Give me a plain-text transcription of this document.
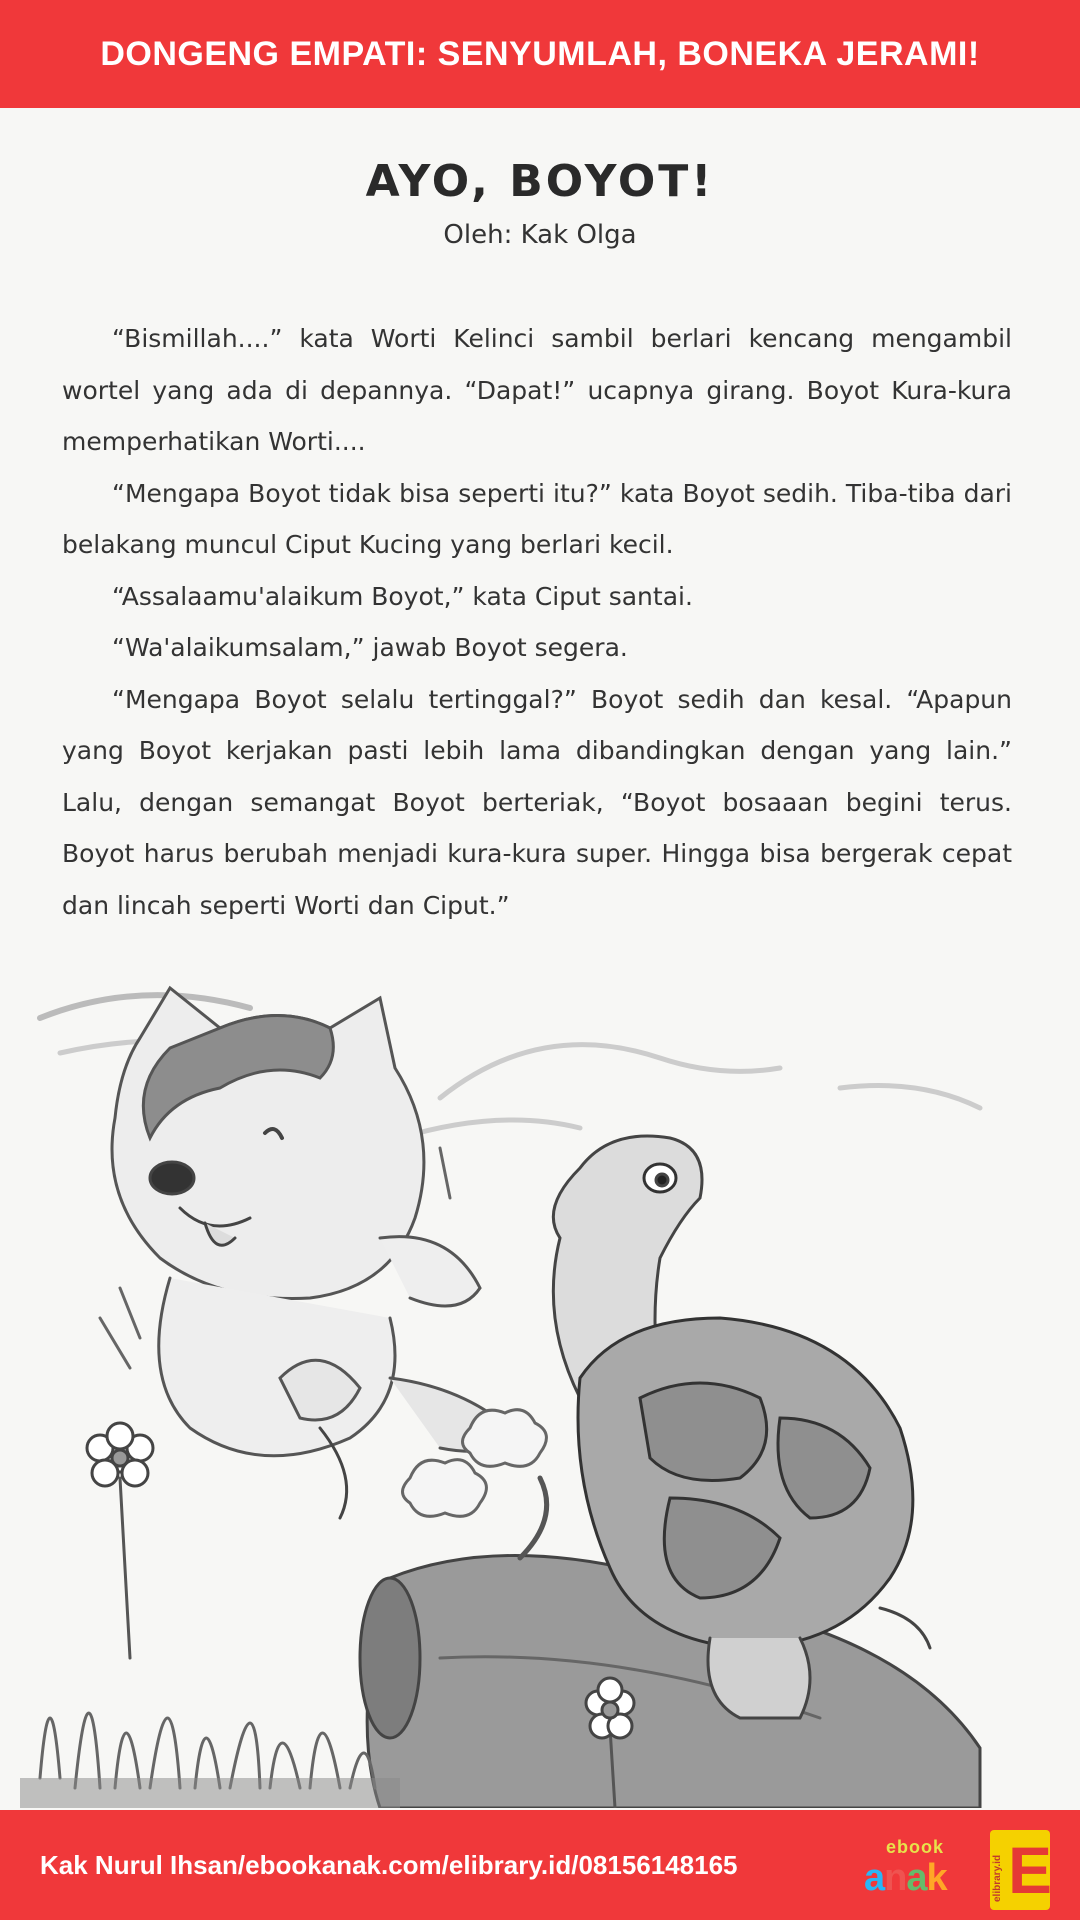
DONGENG EMPATI: SENYUMLAH, BONEKA JERAMI!
AYO, BOYOT!
Oleh: Kak Olga

“Bismillah....” kata Worti Kelinci sambil berlari kencang mengambil wortel yang ada di depannya. “Dapat!” ucapnya girang. Boyot Kura-kura memperhatikan Worti....

“Mengapa Boyot tidak bisa seperti itu?” kata Boyot sedih. Tiba-tiba dari belakang muncul Ciput Kucing yang berlari kecil.

“Assalaamu'alaikum Boyot,” kata Ciput santai.

“Wa'alaikumsalam,” jawab Boyot segera.

“Mengapa Boyot selalu tertinggal?” Boyot sedih dan kesal. “Apapun yang Boyot kerjakan pasti lebih lama dibandingkan dengan yang lain.” Lalu, dengan semangat Boyot berteriak, “Boyot bosaaan begini terus. Boyot harus berubah menjadi kura-kura super. Hingga bisa bergerak cepat dan lincah seperti Worti dan Ciput.”

Kak Nurul Ihsan/ebookanak.com/elibrary.id/08156148165
ebook
anak	elibrary.id E
